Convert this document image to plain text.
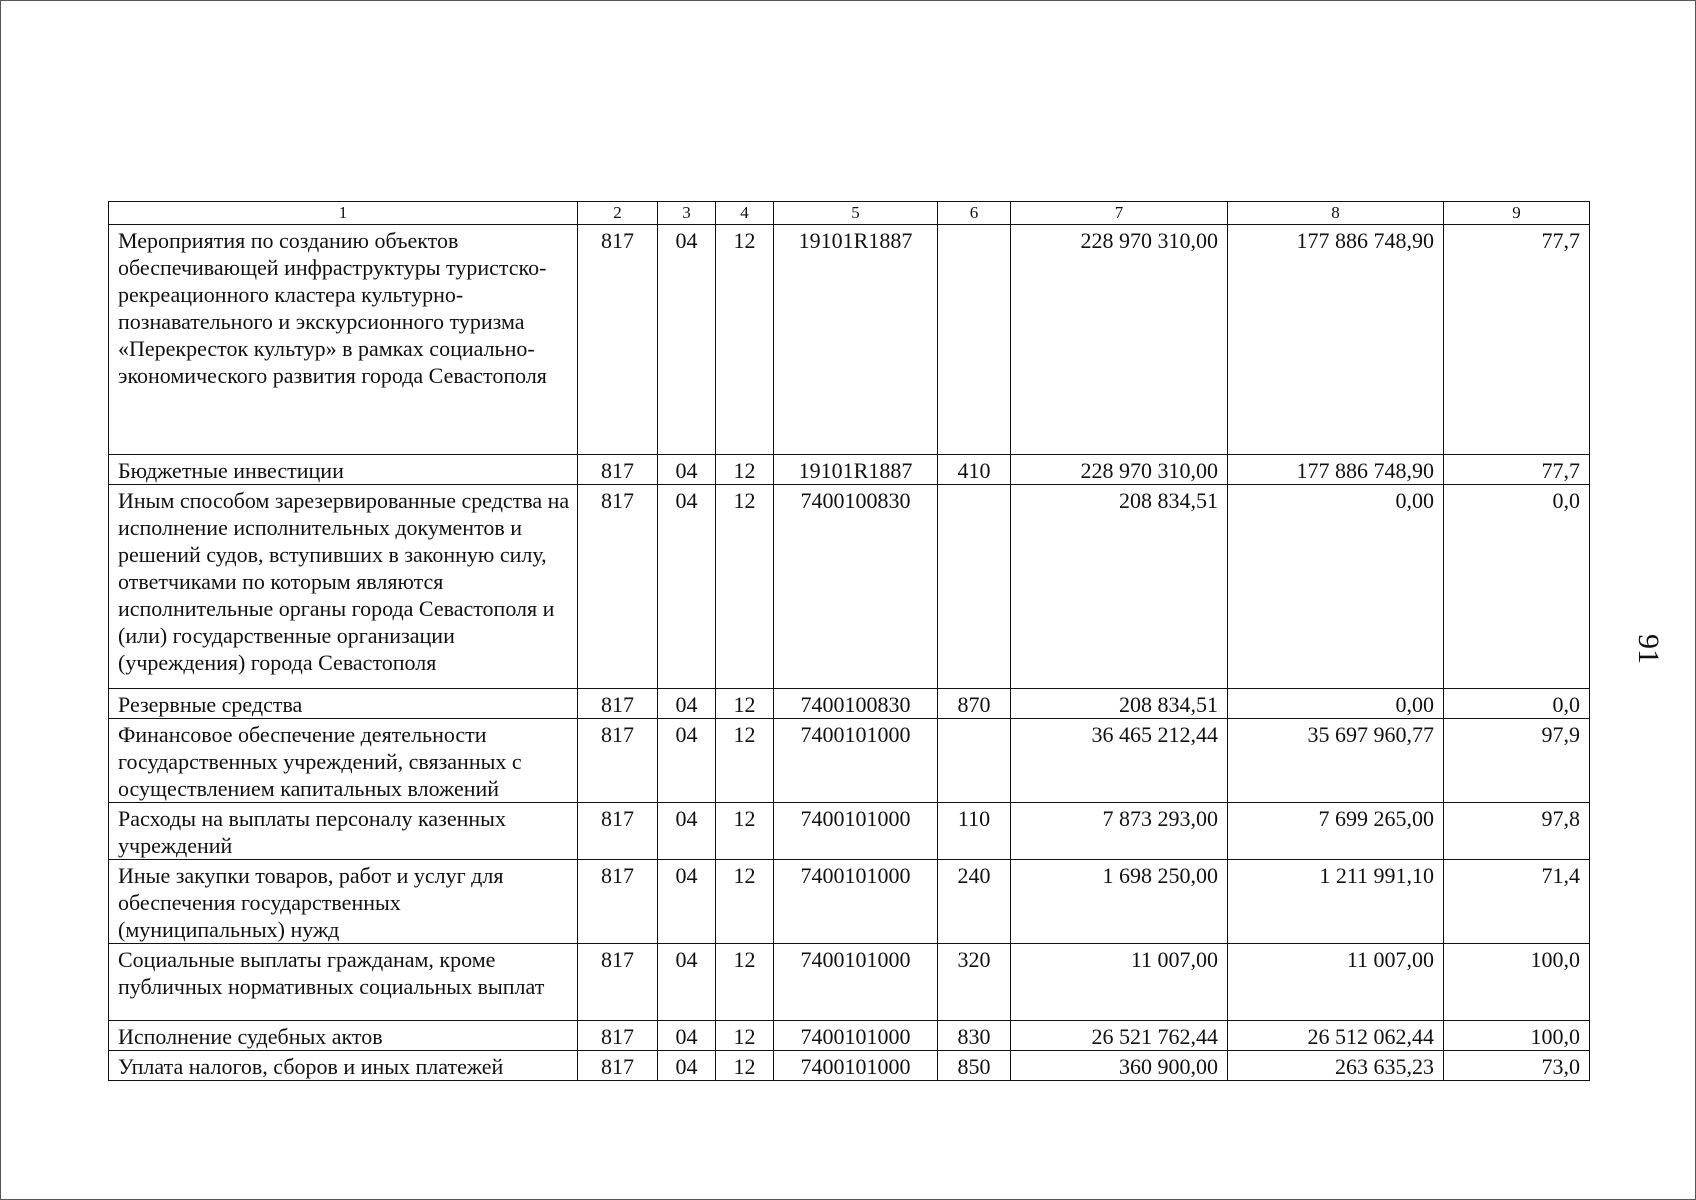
1	2	3	4	5	6	7	8	9
Мероприятия по созданию объектов обеспечивающей инфраструктуры туристско-рекреационного кластера культурно-познавательного и экскурсионного туризма «Перекресток культур» в рамках социально-экономического развития города Севастополя	817	04	12	19101R1887		228 970 310,00	177 886 748,90	77,7
Бюджетные инвестиции	817	04	12	19101R1887	410	228 970 310,00	177 886 748,90	77,7
Иным способом зарезервированные средства на исполнение исполнительных документов и решений судов, вступивших в законную силу, ответчиками по которым являются исполнительные органы города Севастополя и (или) государственные организации (учреждения) города Севастополя	817	04	12	7400100830		208 834,51	0,00	0,0
Резервные средства	817	04	12	7400100830	870	208 834,51	0,00	0,0
Финансовое обеспечение деятельности государственных учреждений, связанных с осуществлением капитальных вложений	817	04	12	7400101000		36 465 212,44	35 697 960,77	97,9
Расходы на выплаты персоналу казенных учреждений	817	04	12	7400101000	110	7 873 293,00	7 699 265,00	97,8
Иные закупки товаров, работ и услуг для обеспечения государственных (муниципальных) нужд	817	04	12	7400101000	240	1 698 250,00	1 211 991,10	71,4
Социальные выплаты гражданам, кроме публичных нормативных социальных выплат	817	04	12	7400101000	320	11 007,00	11 007,00	100,0
Исполнение судебных актов	817	04	12	7400101000	830	26 521 762,44	26 512 062,44	100,0
Уплата налогов, сборов и иных платежей	817	04	12	7400101000	850	360 900,00	263 635,23	73,0
91
